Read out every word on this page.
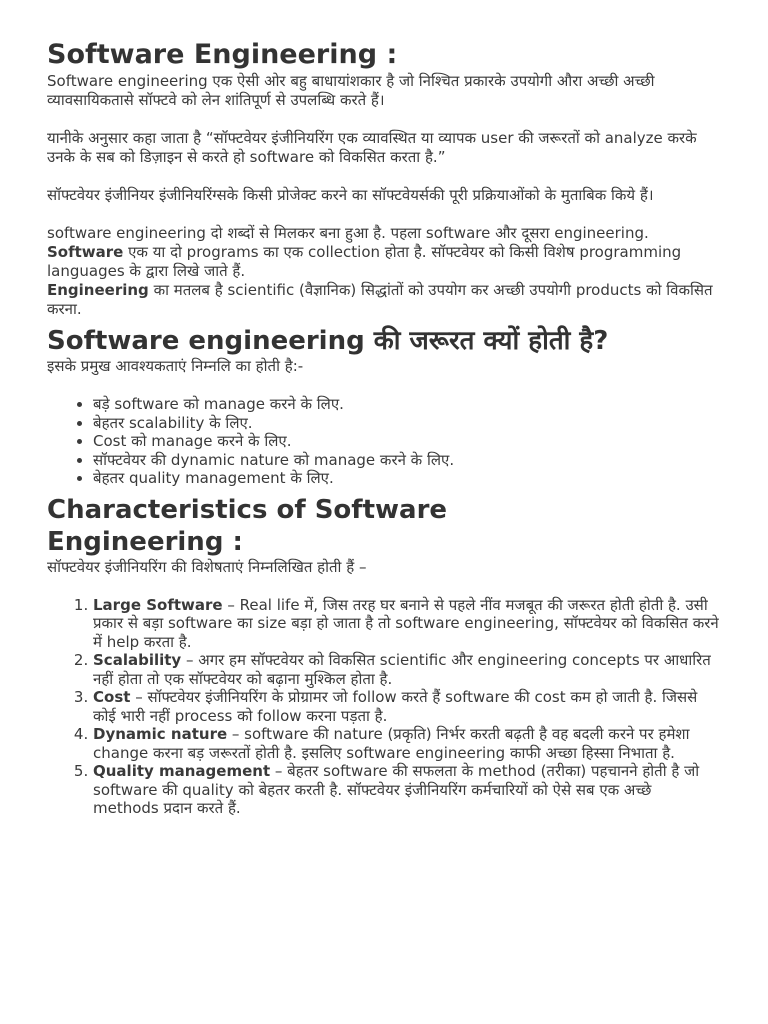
Software Engineering :

Software engineering एक ऐसी ओर बहु बाधायांशकार है जो निश्चित प्रकारके उपयोगी औरा अच्छी अच्छी व्यावसायिकतासे सॉफ्टवे को लेन शांतिपूर्ण से उपलब्धि करते हैं।

यानीके अनुसार कहा जाता है “सॉफ्टवेयर इंजीनियरिंग एक व्यावस्थित या व्यापक user की जरूरतों को analyze करके उनके के सब को डिज़ाइन से करते हो software को विकसित करता है.”

सॉफ्टवेयर इंजीनियर इंजीनियरिंग्सके किसी प्रोजेक्ट करने का सॉफ्टवेयर्सकी पूरी प्रक्रियाओंको के मुताबिक किये हैं।

software engineering दो शब्दों से मिलकर बना हुआ है. पहला software और दूसरा engineering.

Software एक या दो programs का एक collection होता है. सॉफ्टवेयर को किसी विशेष programming languages के द्वारा लिखे जाते हैं.

Engineering का मतलब है scientific (वैज्ञानिक) सिद्धांतों को उपयोग कर अच्छी उपयोगी products को विकसित करना.

Software engineering की जरूरत क्यों होती है?

इसके प्रमुख आवश्यकताएं निम्नलि का होती है:-

• बड़े software को manage करने के लिए.
• बेहतर scalability के लिए.
• Cost को manage करने के लिए.
• सॉफ्टवेयर की dynamic nature को manage करने के लिए.
• बेहतर quality management के लिए.
Characteristics of Software
Engineering :

सॉफ्टवेयर इंजीनियरिंग की विशेषताएं निम्नलिखित होती हैं –

1. Large Software – Real life में, जिस तरह घर बनाने से पहले नींव मजबूत की जरूरत होती होती है. उसी प्रकार से बड़ा software का size बड़ा हो जाता है तो software engineering, सॉफ्टवेयर को विकसित करने में help करता है.
2. Scalability – अगर हम सॉफ्टवेयर को विकसित scientific और engineering concepts पर आधारित नहीं होता तो एक सॉफ्टवेयर को बढ़ाना मुश्किल होता है.
3. Cost – सॉफ्टवेयर इंजीनियरिंग के प्रोग्रामर जो follow करते हैं software की cost कम हो जाती है. जिससे कोई भारी नहीं process को follow करना पड़ता है.
4. Dynamic nature – software की nature (प्रकृति) निर्भर करती बढ़ती है वह बदली करने पर हमेशा change करना बड़ जरूरतों होती है. इसलिए software engineering काफी अच्छा हिस्सा निभाता है.
5. Quality management – बेहतर software की सफलता के method (तरीका) पहचानने होती है जो software की quality को बेहतर करती है. सॉफ्टवेयर इंजीनियरिंग कर्मचारियों को ऐसे सब एक अच्छे methods प्रदान करते हैं.
